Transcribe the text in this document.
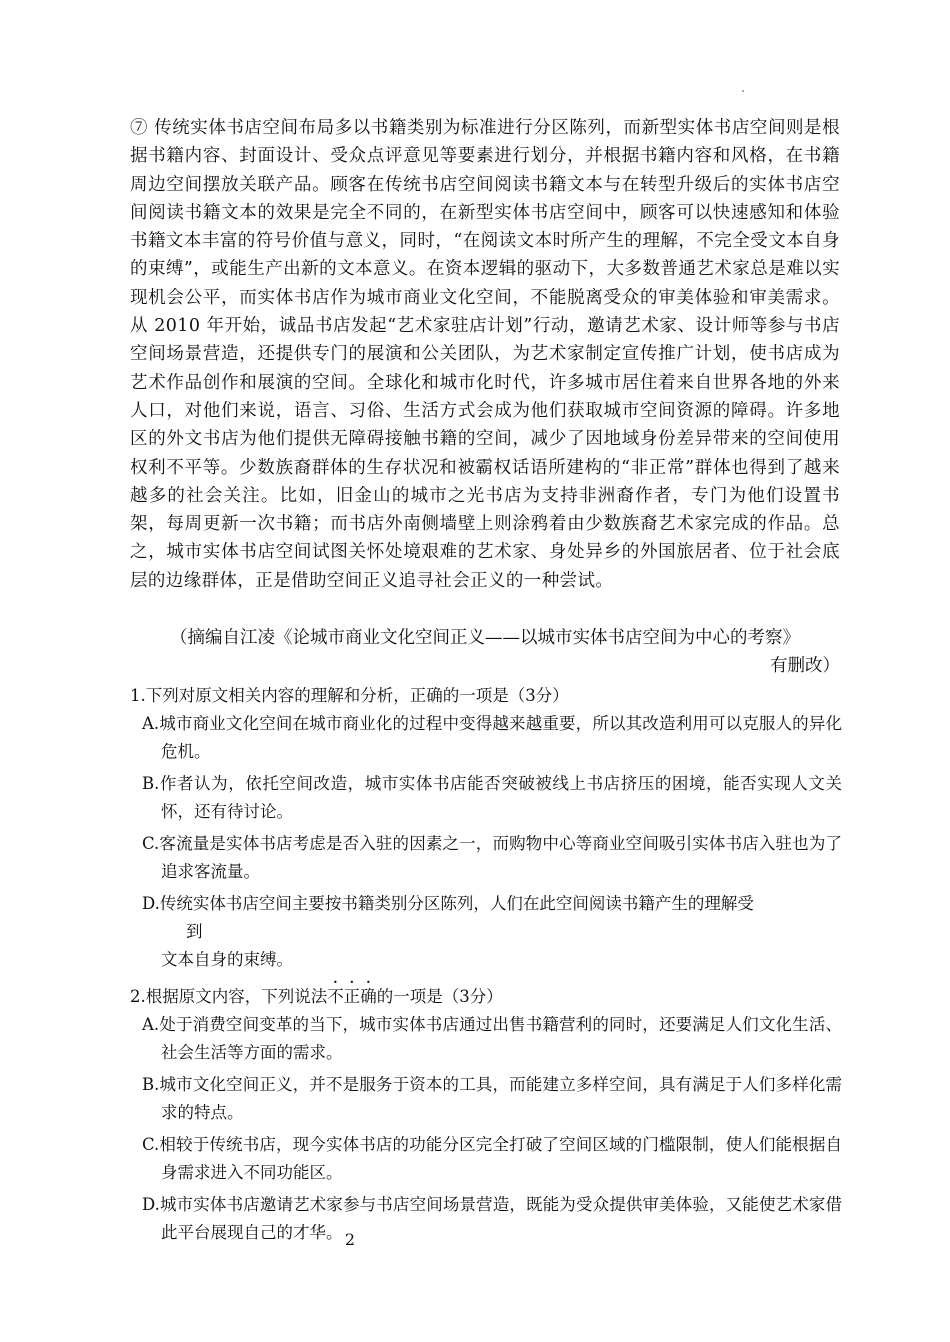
⑦ 传统实体书店空间布局多以书籍类别为标准进行分区陈列，而新型实体书店空间则是根据书籍内容、封面设计、受众点评意见等要素进行划分，并根据书籍内容和风格，在书籍周边空间摆放关联产品。顾客在传统书店空间阅读书籍文本与在转型升级后的实体书店空间阅读书籍文本的效果是完全不同的，在新型实体书店空间中，顾客可以快速感知和体验书籍文本丰富的符号价值与意义，同时，“在阅读文本时所产生的理解，不完全受文本自身的束缚”，或能生产出新的文本意义。在资本逻辑的驱动下，大多数普通艺术家总是难以实现机会公平，而实体书店作为城市商业文化空间，不能脱离受众的审美体验和审美需求。从 2010 年开始，诚品书店发起“艺术家驻店计划”行动，邀请艺术家、设计师等参与书店空间场景营造，还提供专门的展演和公关团队，为艺术家制定宣传推广计划，使书店成为艺术作品创作和展演的空间。全球化和城市化时代，许多城市居住着来自世界各地的外来人口，对他们来说，语言、习俗、生活方式会成为他们获取城市空间资源的障碍。许多地区的外文书店为他们提供无障碍接触书籍的空间，减少了因地域身份差异带来的空间使用权利不平等。少数族裔群体的生存状况和被霸权话语所建构的“非正常”群体也得到了越来越多的社会关注。比如，旧金山的城市之光书店为支持非洲裔作者，专门为他们设置书架，每周更新一次书籍；而书店外南侧墙壁上则涂鸦着由少数族裔艺术家完成的作品。总之，城市实体书店空间试图关怀处境艰难的艺术家、身处异乡的外国旅居者、位于社会底层的边缘群体，正是借助空间正义追寻社会正义的一种尝试。

（摘编自江凌《论城市商业文化空间正义——以城市实体书店空间为中心的考察》
有删改）

1.下列对原文相关内容的理解和分析，正确的一项是（3分）

A.城市商业文化空间在城市商业化的过程中变得越来越重要，所以其改造利用可以克服人的异化危机。

B.作者认为，依托空间改造，城市实体书店能否突破被线上书店挤压的困境，能否实现人文关怀，还有待讨论。

C.客流量是实体书店考虑是否入驻的因素之一，而购物中心等商业空间吸引实体书店入驻也为了追求客流量。

D.传统实体书店空间主要按书籍类别分区陈列，人们在此空间阅读书籍产生的理解受
到
文本自身的束缚。

2.根据原文内容，下列说法不正确的一项是（3分）

A.处于消费空间变革的当下，城市实体书店通过出售书籍营利的同时，还要满足人们文化生活、社会生活等方面的需求。

B.城市文化空间正义，并不是服务于资本的工具，而能建立多样空间，具有满足于人们多样化需求的特点。

C.相较于传统书店，现今实体书店的功能分区完全打破了空间区域的门槛限制，使人们能根据自身需求进入不同功能区。

D.城市实体书店邀请艺术家参与书店空间场景营造，既能为受众提供审美体验，又能使艺术家借此平台展现自己的才华。 2
